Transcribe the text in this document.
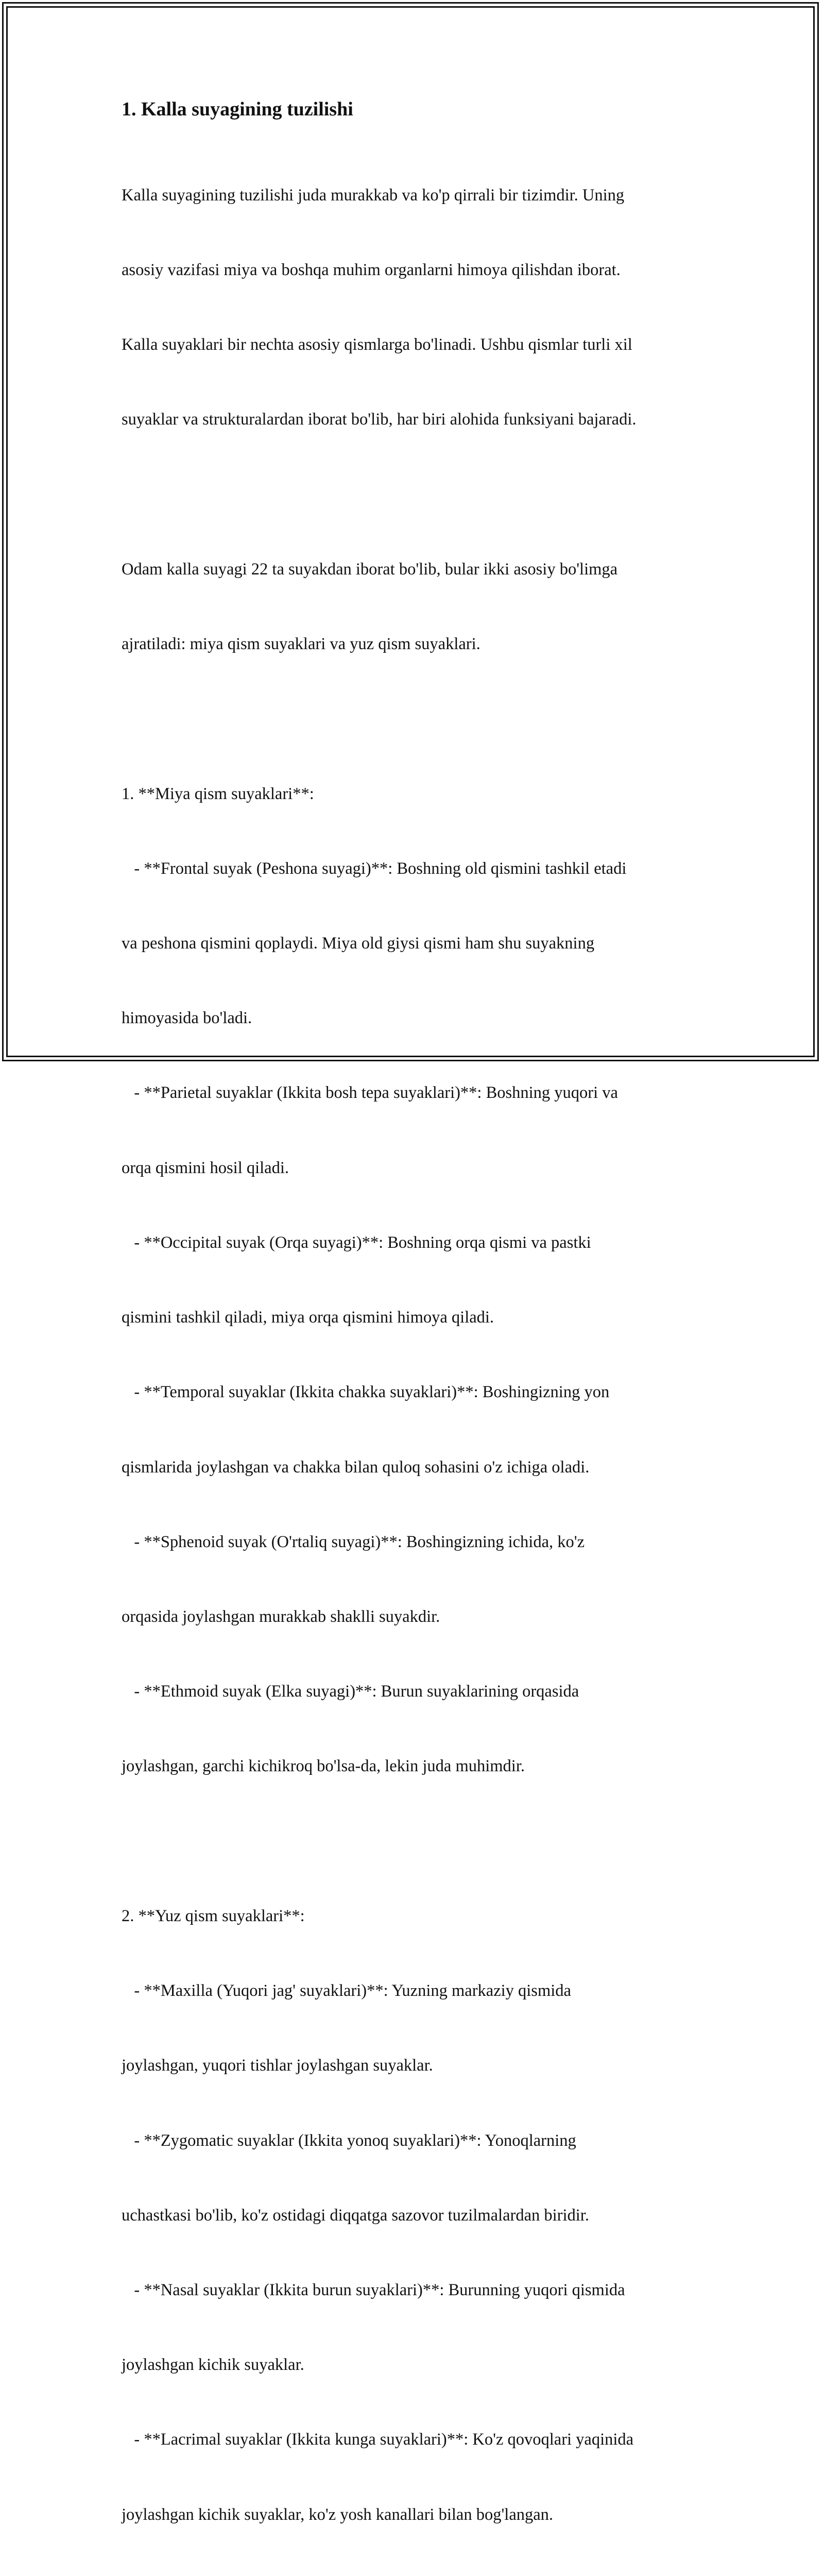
1. Kalla suyagining tuzilishi

Kalla suyagining tuzilishi juda murakkab va ko'p qirrali bir tizimdir. Uning

asosiy vazifasi miya va boshqa muhim organlarni himoya qilishdan iborat.

Kalla suyaklari bir nechta asosiy qismlarga bo'linadi. Ushbu qismlar turli xil

suyaklar va strukturalardan iborat bo'lib, har biri alohida funksiyani bajaradi.

Odam kalla suyagi 22 ta suyakdan iborat bo'lib, bular ikki asosiy bo'limga

ajratiladi: miya qism suyaklari va yuz qism suyaklari.

1. **Miya qism suyaklari**:

- **Frontal suyak (Peshona suyagi)**: Boshning old qismini tashkil etadi

va peshona qismini qoplaydi. Miya old giysi qismi ham shu suyakning

himoyasida bo'ladi.

- **Parietal suyaklar (Ikkita bosh tepa suyaklari)**: Boshning yuqori va

orqa qismini hosil qiladi.

- **Occipital suyak (Orqa suyagi)**: Boshning orqa qismi va pastki

qismini tashkil qiladi, miya orqa qismini himoya qiladi.

- **Temporal suyaklar (Ikkita chakka suyaklari)**: Boshingizning yon

qismlarida joylashgan va chakka bilan quloq sohasini o'z ichiga oladi.

- **Sphenoid suyak (O'rtaliq suyagi)**: Boshingizning ichida, ko'z

orqasida joylashgan murakkab shaklli suyakdir.

- **Ethmoid suyak (Elka suyagi)**: Burun suyaklarining orqasida

joylashgan, garchi kichikroq bo'lsa-da, lekin juda muhimdir.

2. **Yuz qism suyaklari**:

- **Maxilla (Yuqori jag' suyaklari)**: Yuzning markaziy qismida

joylashgan, yuqori tishlar joylashgan suyaklar.

- **Zygomatic suyaklar (Ikkita yonoq suyaklari)**: Yonoqlarning

uchastkasi bo'lib, ko'z ostidagi diqqatga sazovor tuzilmalardan biridir.

- **Nasal suyaklar (Ikkita burun suyaklari)**: Burunning yuqori qismida

joylashgan kichik suyaklar.

- **Lacrimal suyaklar (Ikkita kunga suyaklari)**: Ko'z qovoqlari yaqinida

joylashgan kichik suyaklar, ko'z yosh kanallari bilan bog'langan.
